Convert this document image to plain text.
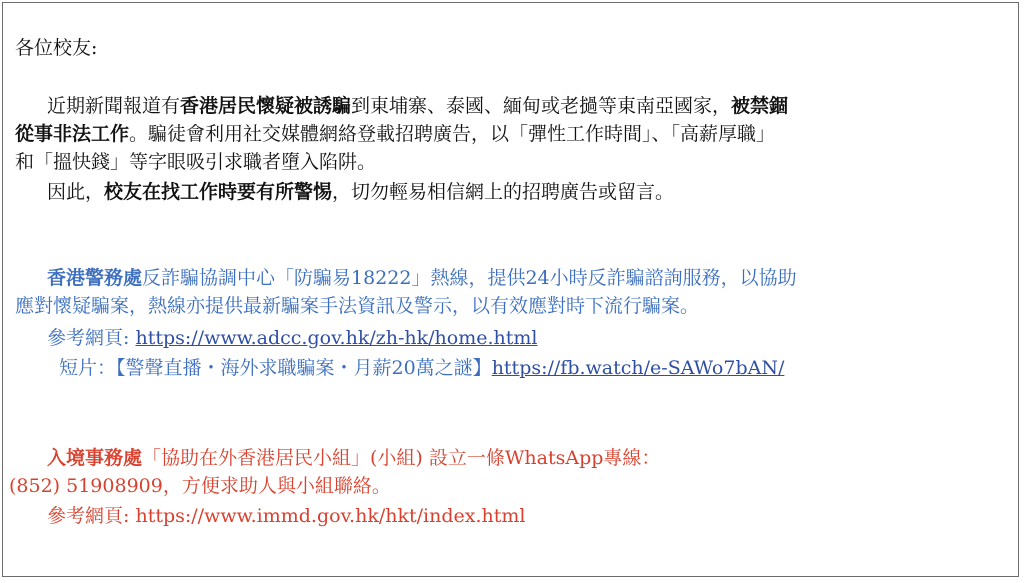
各位校友:
近期新聞報道有香港居民懷疑被誘騙到東埔寨、泰國、緬甸或老撾等東南亞國家，被禁錮
從事非法工作。騙徒會利用社交媒體網絡登載招聘廣告，以「彈性工作時間」、「高薪厚職」
和「搵快錢」等字眼吸引求職者墮入陷阱。
因此，校友在找工作時要有所警惕，切勿輕易相信網上的招聘廣告或留言。
香港警務處反詐騙協調中心「防騙易18222」熱線，提供24小時反詐騙諮詢服務，以協助
應對懷疑騙案，熱線亦提供最新騙案手法資訊及警示，以有效應對時下流行騙案。
參考網頁: https://www.adcc.gov.hk/zh-hk/home.html
短片：【警聲直播・海外求職騙案・月薪20萬之謎】https://fb.watch/e-SAWo7bAN/
入境事務處「協助在外香港居民小組」(小組) 設立一條WhatsApp專線：
(852) 51908909，方便求助人與小組聯絡。
參考網頁: https://www.immd.gov.hk/hkt/index.html
